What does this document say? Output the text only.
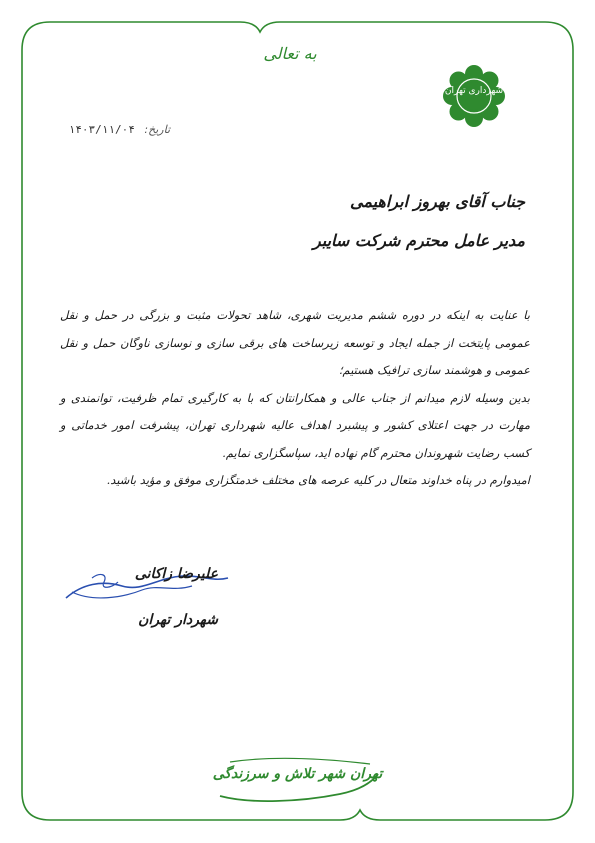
به تعالی
شهرداری تهران
تاریخ: ۱۴۰۳/۱۱/۰۴
جناب آقای بهروز ابراهیمی
مدیر عامل محترم شرکت سایبر

با عنایت به اینکه در دوره ششم مدیریت شهری، شاهد تحولات مثبت و بزرگی در حمل و نقل عمومی پایتخت از جمله ایجاد و توسعه زیرساخت های برقی سازی و نوسازی ناوگان حمل و نقل عمومی و هوشمند سازی ترافیک هستیم؛

بدین وسیله لازم میدانم از جناب عالی و همکارانتان که با به کارگیری تمام ظرفیت، توانمندی و مهارت در جهت اعتلای کشور و پیشبرد اهداف عالیه شهرداری تهران، پیشرفت امور خدماتی و کسب رضایت شهروندان محترم گام نهاده اید، سپاسگزاری نمایم.

امیدوارم در پناه خداوند متعال در کلیه عرصه های مختلف خدمتگزاری موفق و مؤید باشید.

علیرضا زاکانی
شهردار تهران
تهران شهر تلاش و سرزندگی
